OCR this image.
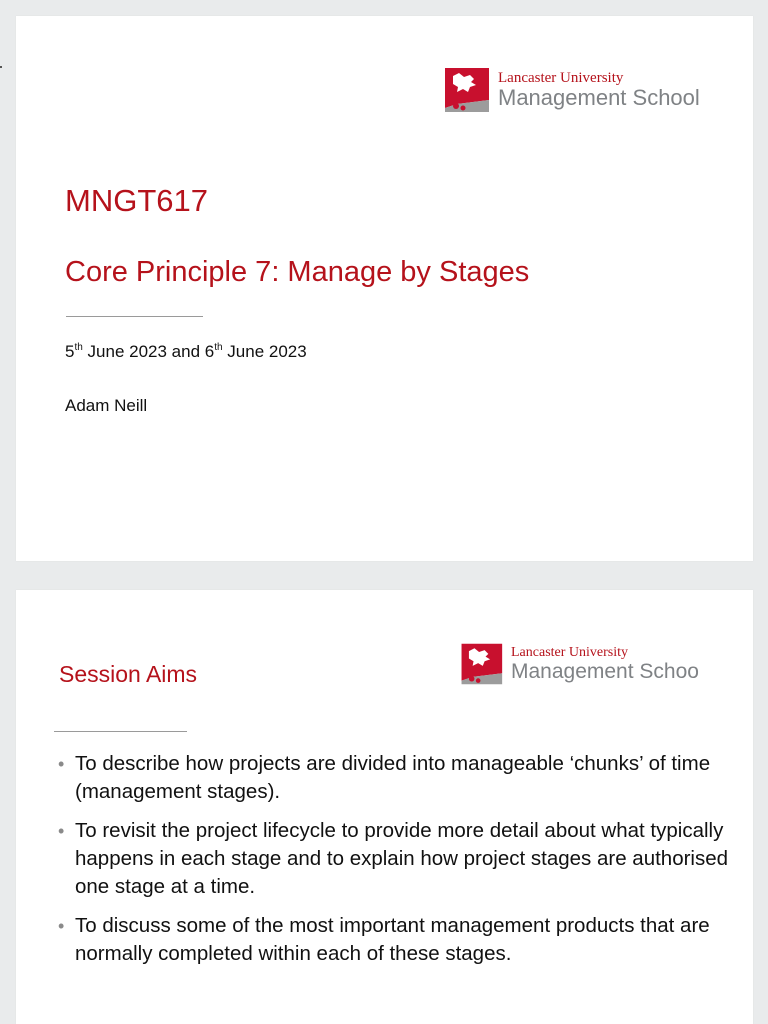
Lancaster University
Management School
MNGT617
Core Principle 7: Manage by Stages
5th June 2023 and 6th June 2023
Adam Neill
Lancaster University
Management Schoo
Session Aims
• To describe how projects are divided into manageable ‘chunks’ of time (management stages).
• To revisit the project lifecycle to provide more detail about what typically happens in each stage and to explain how project stages are authorised one stage at a time.
• To discuss some of the most important management products that are normally completed within each of these stages.
